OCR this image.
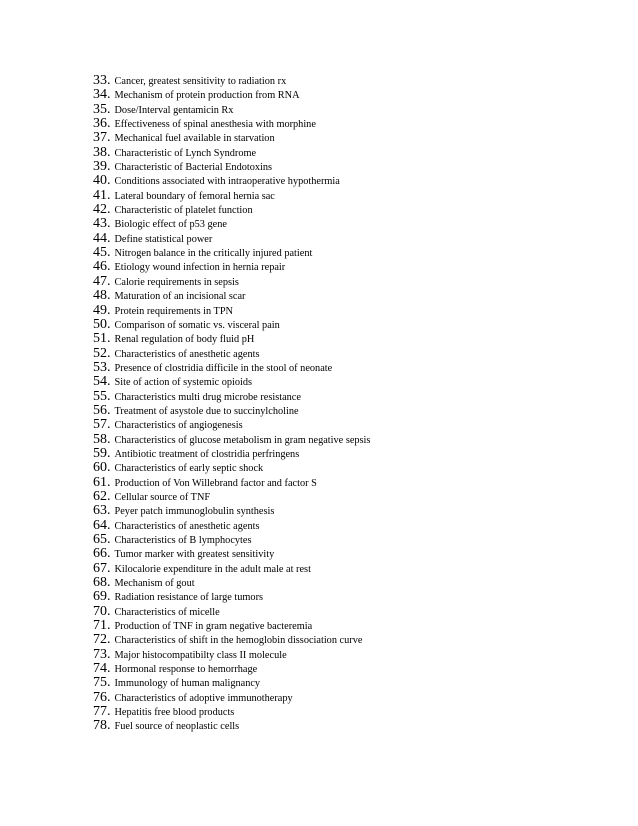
33. Cancer, greatest sensitivity to radiation rx
34. Mechanism of protein production from RNA
35. Dose/Interval gentamicin Rx
36. Effectiveness of spinal anesthesia with morphine
37. Mechanical fuel available in starvation
38. Characteristic of Lynch Syndrome
39. Characteristic of Bacterial Endotoxins
40. Conditions associated with intraoperative hypothermia
41. Lateral boundary of femoral hernia sac
42. Characteristic of platelet function
43. Biologic effect of p53 gene
44. Define statistical power
45. Nitrogen balance in the critically injured patient
46. Etiology wound infection in hernia repair
47. Calorie requirements in sepsis
48. Maturation of an incisional scar
49. Protein requirements in TPN
50. Comparison of somatic vs. visceral pain
51. Renal regulation of body fluid pH
52. Characteristics of anesthetic agents
53. Presence of clostridia difficile in the stool of neonate
54. Site of action of systemic opioids
55. Characteristics multi drug microbe resistance
56. Treatment of asystole due to succinylcholine
57. Characteristics of angiogenesis
58. Characteristics of glucose metabolism in gram negative sepsis
59. Antibiotic treatment of clostridia perfringens
60. Characteristics of early septic shock
61. Production of Von Willebrand factor and factor S
62. Cellular source of TNF
63. Peyer patch immunoglobulin synthesis
64. Characteristics of anesthetic agents
65. Characteristics of B lymphocytes
66. Tumor marker with greatest sensitivity
67. Kilocalorie expenditure in the adult male at rest
68. Mechanism of gout
69. Radiation resistance of large tumors
70. Characteristics of micelle
71. Production of TNF in gram negative bacteremia
72. Characteristics of shift in the hemoglobin dissociation curve
73. Major histocompatibilty class II molecule
74. Hormonal response to hemorrhage
75. Immunology of human malignancy
76. Characteristics of adoptive immunotherapy
77. Hepatitis free blood products
78. Fuel source of neoplastic cells
